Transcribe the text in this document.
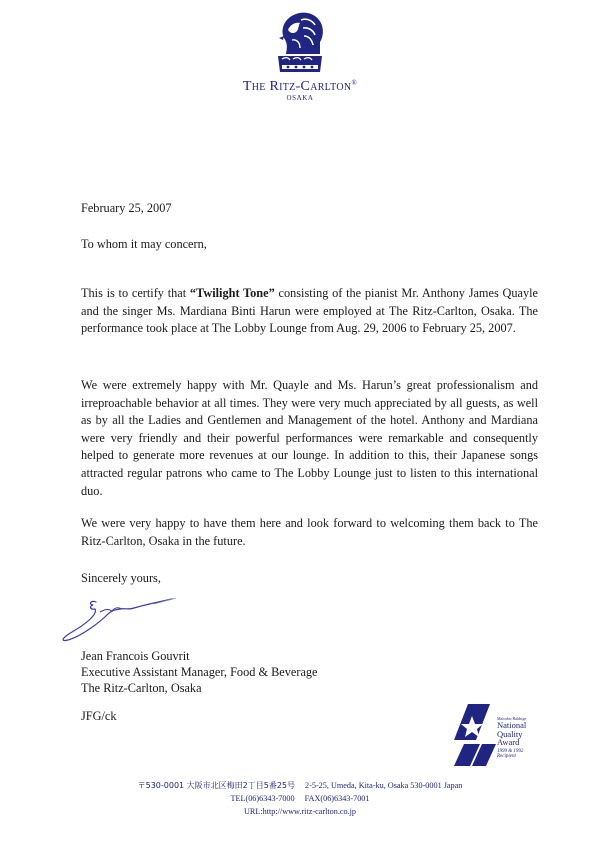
The Ritz-Carlton®
OSAKA
February 25, 2007
To whom it may concern,

This is to certify that “Twilight Tone” consisting of the pianist Mr. Anthony James Quayle and the singer Ms. Mardiana Binti Harun were employed at The Ritz-Carlton, Osaka. The performance took place at The Lobby Lounge from Aug. 29, 2006 to February 25, 2007.

We were extremely happy with Mr. Quayle and Ms. Harun’s great professionalism and irreproachable behavior at all times. They were very much appreciated by all guests, as well as by all the Ladies and Gentlemen and Management of the hotel. Anthony and Mardiana were very friendly and their powerful performances were remarkable and consequently helped to generate more revenues at our lounge. In addition to this, their Japanese songs attracted regular patrons who came to The Lobby Lounge just to listen to this international duo.

We were very happy to have them here and look forward to welcoming them back to The Ritz-Carlton, Osaka in the future.

Sincerely yours,
Jean Francois Gouvrit
Executive Assistant Manager, Food & Beverage
The Ritz-Carlton, Osaka
JFG/ck	Malcolm Baldrige
National
Quality
Award
1999 & 1992
Recipient
〒530-0001 大阪市北区梅田2丁目5番25号 2-5-25, Umeda, Kita-ku, Osaka 530-0001 Japan
TEL(06)6343-7000 FAX(06)6343-7001
URL:http://www.ritz-carlton.co.jp
